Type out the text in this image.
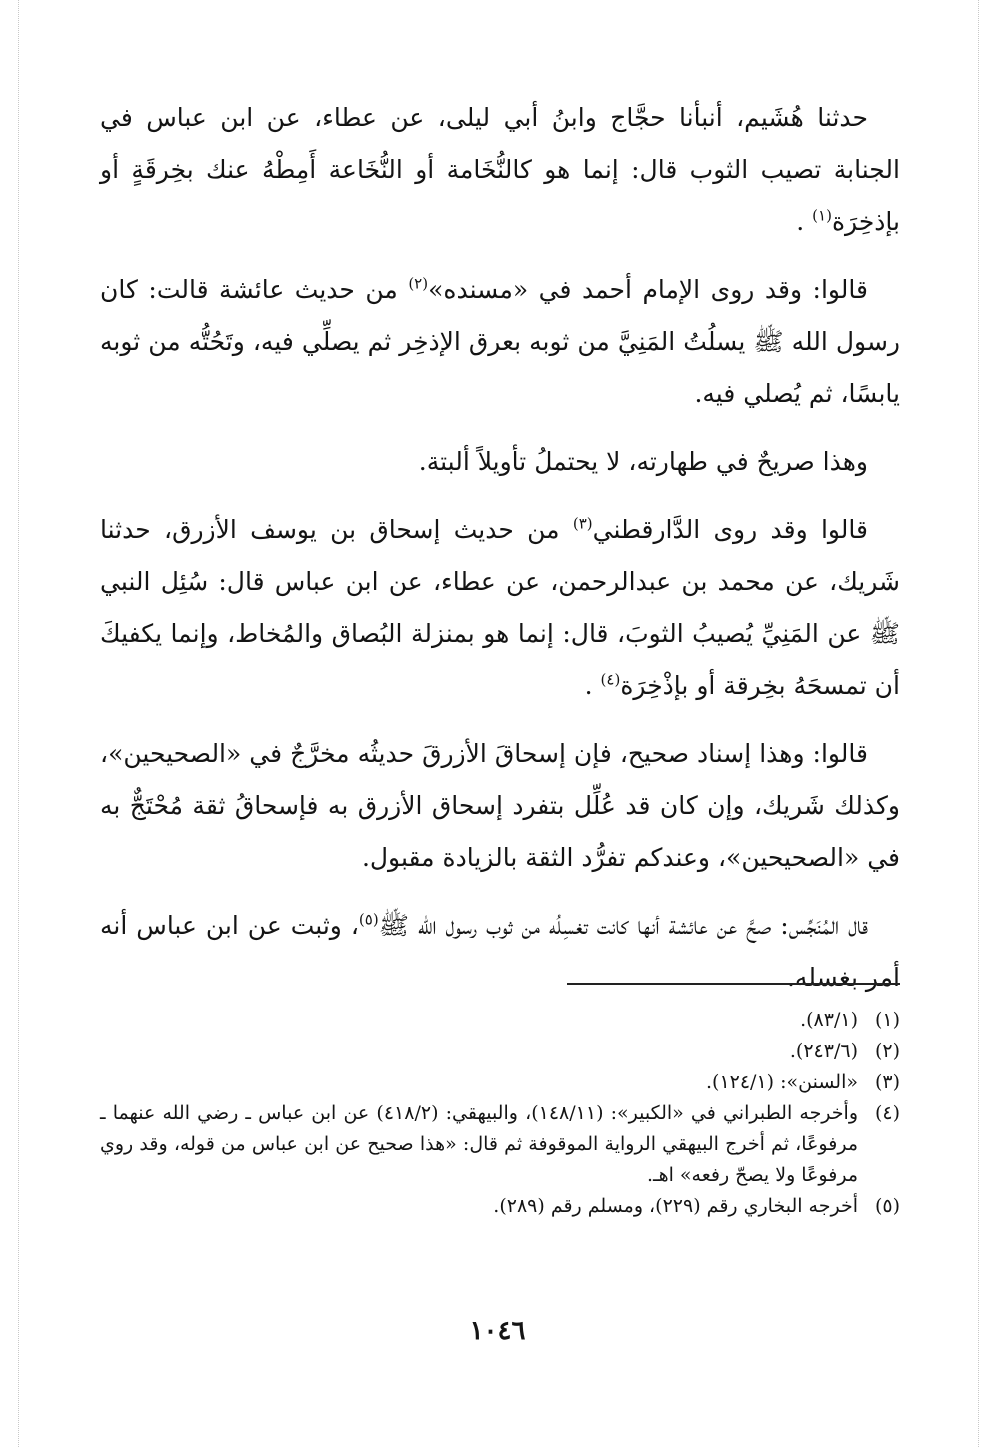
حدثنا هُشَيم، أنبأنا حجَّاج وابنُ أبي ليلى، عن عطاء، عن ابن عباس في الجنابة تصيب الثوب قال: إنما هو كالنُّخَامة أو النُّخَاعة أَمِطْهُ عنك بخِرقَةٍ أو بإذخِرَة$^{(١)}$ .

قالوا: وقد روى الإمام أحمد في «مسنده»$^{(٢)}$ من حديث عائشة قالت: كان رسول الله ﷺ يسلُتُ المَنِيَّ من ثوبه بعرق الإذخِر ثم يصلِّي فيه، وتَحُتُّه من ثوبه يابسًا، ثم يُصلي فيه.

وهذا صريحٌ في طهارته، لا يحتملُ تأويلاً ألبتة.

قالوا وقد روى الدَّارقطني$^{(٣)}$ من حديث إسحاق بن يوسف الأزرق، حدثنا شَريك، عن محمد بن عبدالرحمن، عن عطاء، عن ابن عباس قال: سُئِل النبي ﷺ عن المَنِيِّ يُصيبُ الثوبَ، قال: إنما هو بمنزلة البُصاق والمُخاط، وإنما يكفيكَ أن تمسحَهُ بخِرقة أو بإذْخِرَة$^{(٤)}$ .

قالوا: وهذا إسناد صحيح، فإن إسحاقَ الأزرقَ حديثُه مخرَّجٌ في «الصحيحين»، وكذلك شَريك، وإن كان قد عُلِّل بتفرد إسحاق الأزرق به فإسحاقُ ثقة مُحْتَجٌّ به في «الصحيحين»، وعندكم تفرُّد الثقة بالزيادة مقبول.

قال المُنَجِّس: صحَّ عن عائشة أنها كانت تغسِلُه من ثوب رسول الله ﷺ$^{(٥)}$، وثبت عن ابن عباس أنه أمر بغسله.

(١)
(٨٣/١).
(٢)
(٢٤٣/٦).
(٣)
«السنن»: (١٢٤/١).
(٤)
وأخرجه الطبراني في «الكبير»: (١٤٨/١١)، والبيهقي: (٤١٨/٢) عن ابن عباس ـ رضي الله عنهما ـ مرفوعًا، ثم أخرج البيهقي الرواية الموقوفة ثم قال: «هذا صحيح عن ابن عباس من قوله، وقد روي مرفوعًا ولا يصحّ رفعه» اهـ.
(٥)
أخرجه البخاري رقم (٢٢٩)، ومسلم رقم (٢٨٩).
١٠٤٦
